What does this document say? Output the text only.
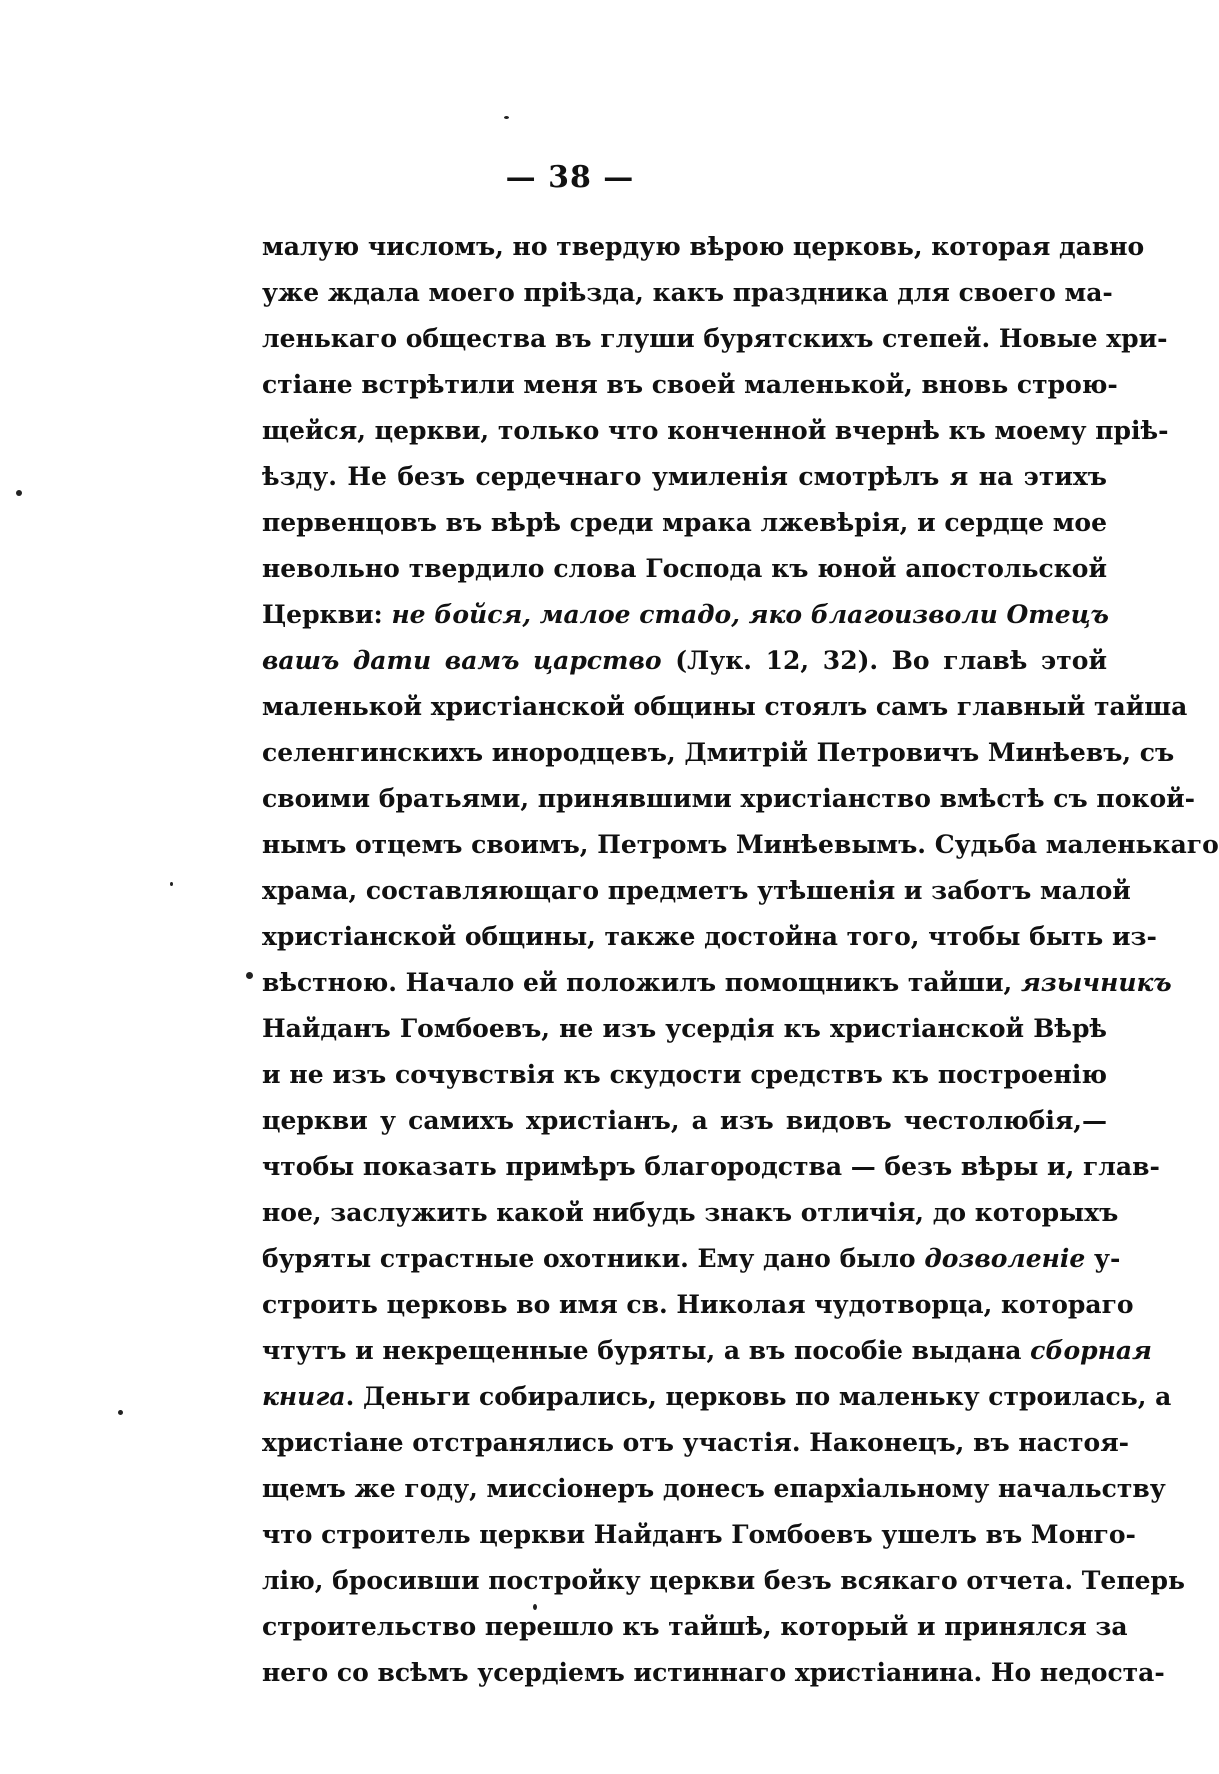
— 38 —
малую числомъ, но твердую вѣрою церковь, которая давно
уже ждала моего пріѣзда, какъ праздника для своего ма-
ленькаго общества въ глуши бурятскихъ степей. Новые хри-
стіане встрѣтили меня въ своей маленькой, вновь строю-
щейся, церкви, только что конченной вчернѣ къ моему пріѣ-
ѣзду. Не безъ сердечнаго умиленія смотрѣлъ я на этихъ
первенцовъ въ вѣрѣ среди мрака лжевѣрія, и сердце мое
невольно твердило слова Господа къ юной апостольской
Церкви: не бойся, малое стадо, яко благоизволи Отецъ
вашъ дати вамъ царство (Лук. 12, 32). Во главѣ этой
маленькой христіанской общины стоялъ самъ главный тайша
селенгинскихъ инородцевъ, Дмитрій Петровичъ Минѣевъ, съ
своими братьями, принявшими христіанство вмѣстѣ съ покой-
нымъ отцемъ своимъ, Петромъ Минѣевымъ. Судьба маленькаго
храма, составляющаго предметъ утѣшенія и заботъ малой
христіанской общины, также достойна того, чтобы быть из-
вѣстною. Начало ей положилъ помощникъ тайши, язычникъ
Найданъ Гомбоевъ, не изъ усердія къ христіанской Вѣрѣ
и не изъ сочувствія къ скудости средствъ къ построенію
церкви у самихъ христіанъ, а изъ видовъ честолюбія,—
чтобы показать примѣръ благородства — безъ вѣры и, глав-
ное, заслужить какой нибудь знакъ отличія, до которыхъ
буряты страстные охотники. Ему дано было дозволеніе у-
строить церковь во имя св. Николая чудотворца, котораго
чтутъ и некрещенные буряты, а въ пособіе выдана сборная
книга. Деньги собирались, церковь по маленьку строилась, а
христіане отстранялись отъ участія. Наконецъ, въ настоя-
щемъ же году, миссіонеръ донесъ епархіальному начальству
что строитель церкви Найданъ Гомбоевъ ушелъ въ Монго-
лію, бросивши постройку церкви безъ всякаго отчета. Теперь
строительство перешло къ тайшѣ, который и принялся за
него со всѣмъ усердіемъ истиннаго христіанина. Но недоста-
